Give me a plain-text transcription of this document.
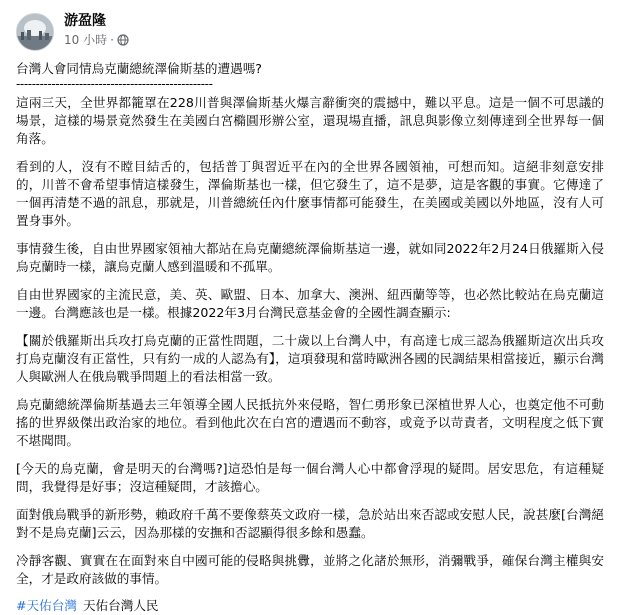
游盈隆
10 小時 ·

台灣人會同情烏克蘭總統澤倫斯基的遭遇嗎?

--------------------------------------------------

這兩三天，全世界都籠罩在228川普與澤倫斯基火爆言辭衝突的震撼中，難以平息。這是一個不可思議的場景，這樣的場景竟然發生在美國白宮橢圓形辦公室，還現場直播，訊息與影像立刻傳達到全世界每一個角落。

看到的人，沒有不瞠目結舌的，包括普丁與習近平在內的全世界各國領袖，可想而知。這絕非刻意安排的，川普不會希望事情這樣發生，澤倫斯基也一樣，但它發生了，這不是夢，這是客觀的事實。它傳達了一個再清楚不過的訊息，那就是，川普總統任內什麼事情都可能發生，在美國或美國以外地區，沒有人可置身事外。

事情發生後，自由世界國家領袖大都站在烏克蘭總統澤倫斯基這一邊，就如同2022年2月24日俄羅斯入侵烏克蘭時一樣，讓烏克蘭人感到溫暖和不孤單。

自由世界國家的主流民意，美、英、歐盟、日本、加拿大、澳洲、紐西蘭等等，也必然比較站在烏克蘭這一邊。台灣應該也是一樣。根據2022年3月台灣民意基金會的全國性調查顯示:

【關於俄羅斯出兵攻打烏克蘭的正當性問題，二十歲以上台灣人中，有高達七成三認為俄羅斯這次出兵攻打烏克蘭沒有正當性，只有約一成的人認為有】，這項發現和當時歐洲各國的民調結果相當接近，顯示台灣人與歐洲人在俄烏戰爭問題上的看法相當一致。

烏克蘭總統澤倫斯基過去三年領導全國人民抵抗外來侵略，智仁勇形象已深植世界人心，也奠定他不可動搖的世界級傑出政治家的地位。看到他此次在白宮的遭遇而不動容，或竟予以苛責者，文明程度之低下實不堪聞問。

[今天的烏克蘭，會是明天的台灣嗎?]這恐怕是每一個台灣人心中都會浮現的疑問。居安思危，有這種疑問，我覺得是好事；沒這種疑問，才該擔心。

面對俄烏戰爭的新形勢，賴政府千萬不要像蔡英文政府一樣，急於站出來否認或安慰人民，說甚麼[台灣絕對不是烏克蘭]云云，因為那樣的安撫和否認顯得很多餘和愚蠢。

冷靜客觀、實實在在面對來自中國可能的侵略與挑釁，並將之化諸於無形，消彌戰爭，確保台灣主權與安全，才是政府該做的事情。

#天佑台灣 天佑台灣人民
